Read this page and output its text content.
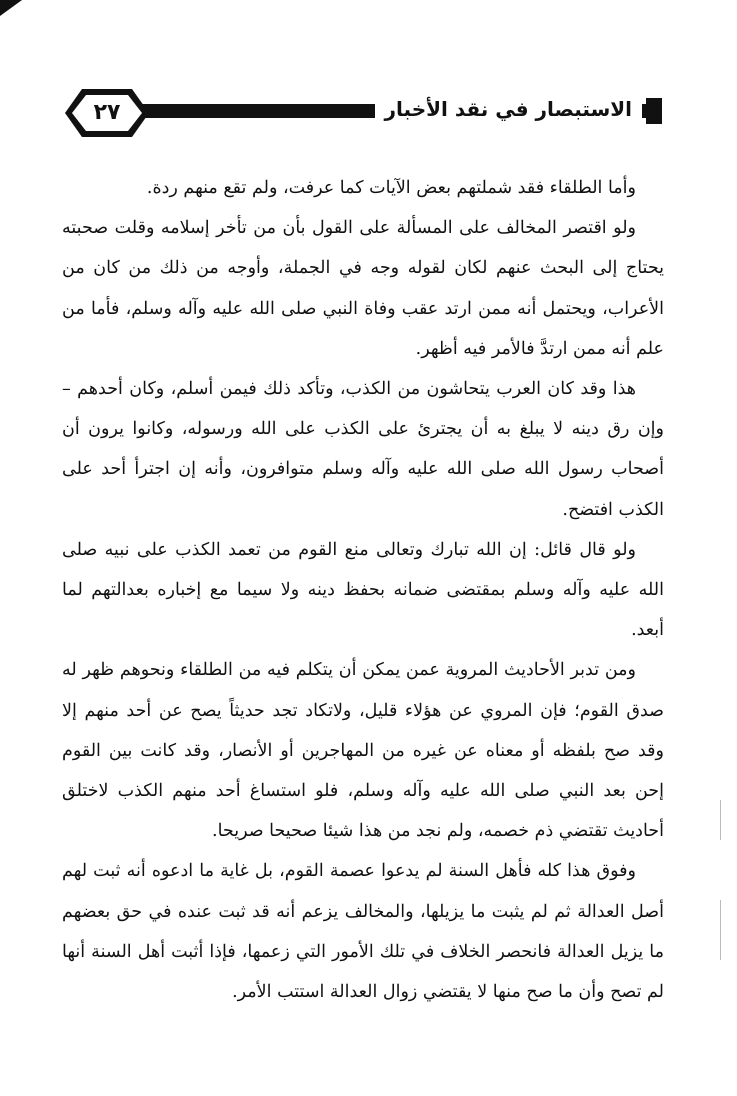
الاستبصار في نقد الأخبار
٢٧

وأما الطلقاء فقد شملتهم بعض الآيات كما عرفت، ولم تقع منهم ردة.

ولو اقتصر المخالف على المسألة على القول بأن من تأخر إسلامه وقلت صحبته يحتاج إلى البحث عنهم لكان لقوله وجه في الجملة، وأوجه من ذلك من كان من الأعراب، ويحتمل أنه ممن ارتد عقب وفاة النبي صلى الله عليه وآله وسلم، فأما من علم أنه ممن ارتدَّ فالأمر فيه أظهر.

هذا وقد كان العرب يتحاشون من الكذب، وتأكد ذلك فيمن أسلم، وكان أحدهم – وإن رق دينه لا يبلغ به أن يجترئ على الكذب على الله ورسوله، وكانوا يرون أن أصحاب رسول الله صلى الله عليه وآله وسلم متوافرون، وأنه إن اجترأ أحد على الكذب افتضح.

ولو قال قائل: إن الله تبارك وتعالى منع القوم من تعمد الكذب على نبيه صلى الله عليه وآله وسلم بمقتضى ضمانه بحفظ دينه ولا سيما مع إخباره بعدالتهم لما أبعد.

ومن تدبر الأحاديث المروية عمن يمكن أن يتكلم فيه من الطلقاء ونحوهم ظهر له صدق القوم؛ فإن المروي عن هؤلاء قليل، ولاتكاد تجد حديثاً يصح عن أحد منهم إلا وقد صح بلفظه أو معناه عن غيره من المهاجرين أو الأنصار، وقد كانت بين القوم إحن بعد النبي صلى الله عليه وآله وسلم، فلو استساغ أحد منهم الكذب لاختلق أحاديث تقتضي ذم خصمه، ولم نجد من هذا شيئا صحيحا صريحا.

وفوق هذا كله فأهل السنة لم يدعوا عصمة القوم، بل غاية ما ادعوه أنه ثبت لهم أصل العدالة ثم لم يثبت ما يزيلها، والمخالف يزعم أنه قد ثبت عنده في حق بعضهم ما يزيل العدالة فانحصر الخلاف في تلك الأمور التي زعمها، فإذا أثبت أهل السنة أنها لم تصح وأن ما صح منها لا يقتضي زوال العدالة استتب الأمر.
